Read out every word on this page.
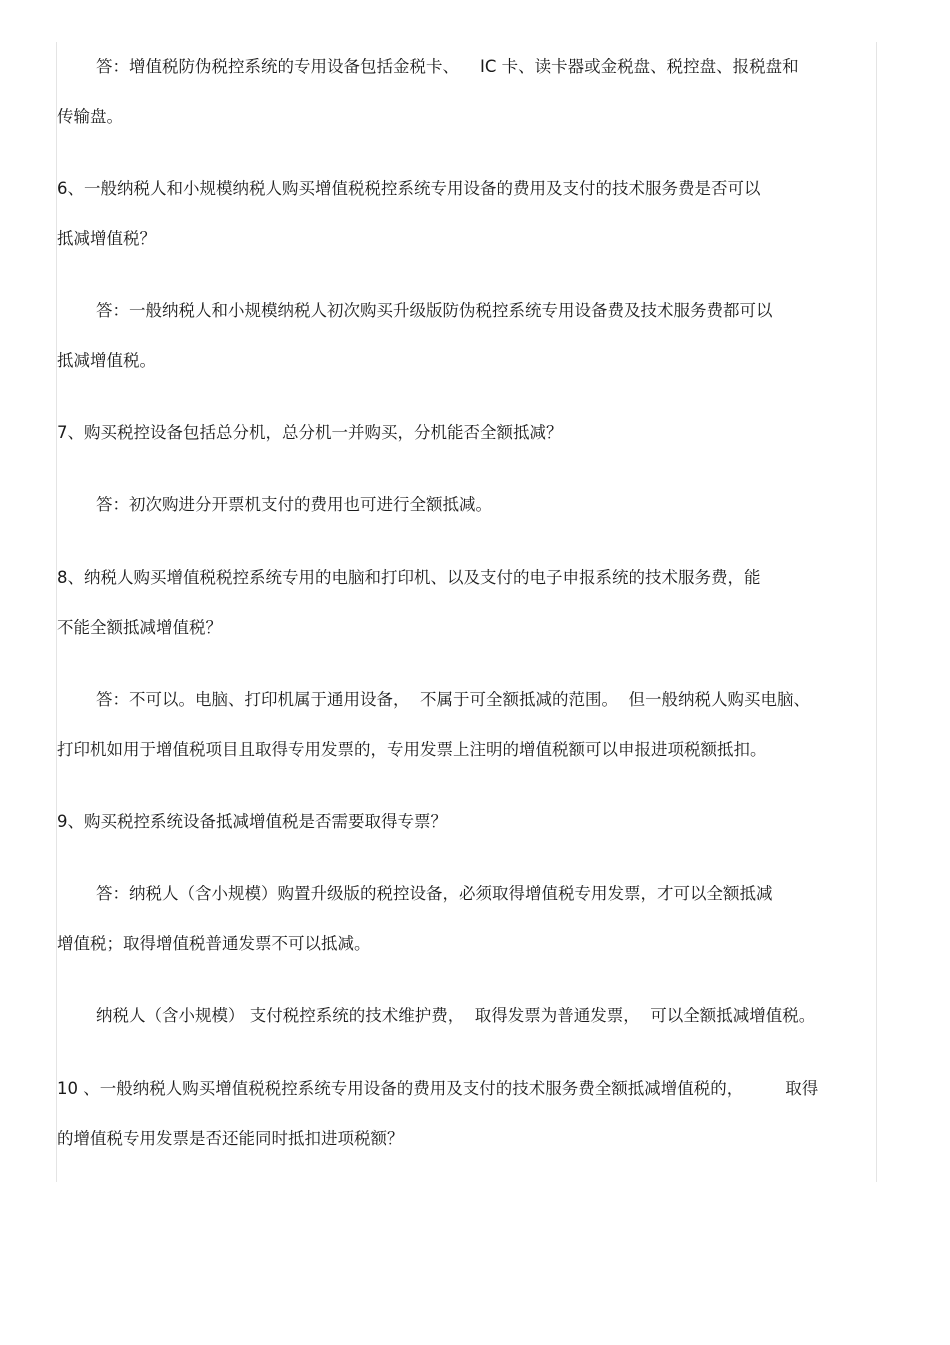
答：增值税防伪税控系统的专用设备包括金税卡、    IC 卡、读卡器或金税盘、税控盘、报税盘和
传输盘。
6、一般纳税人和小规模纳税人购买增值税税控系统专用设备的费用及支付的技术服务费是否可以
抵减增值税？
答：一般纳税人和小规模纳税人初次购买升级版防伪税控系统专用设备费及技术服务费都可以
抵减增值税。
7、购买税控设备包括总分机，总分机一并购买，分机能否全额抵减？
答：初次购进分开票机支付的费用也可进行全额抵减。
8、纳税人购买增值税税控系统专用的电脑和打印机、以及支付的电子申报系统的技术服务费，能
不能全额抵减增值税？
答：不可以。电脑、打印机属于通用设备，  不属于可全额抵减的范围。  但一般纳税人购买电脑、
打印机如用于增值税项目且取得专用发票的，专用发票上注明的增值税额可以申报进项税额抵扣。
9、购买税控系统设备抵减增值税是否需要取得专票？
答：纳税人（含小规模）购置升级版的税控设备，必须取得增值税专用发票，才可以全额抵减
增值税；取得增值税普通发票不可以抵减。
纳税人（含小规模） 支付税控系统的技术维护费，  取得发票为普通发票，  可以全额抵减增值税。
10 、一般纳税人购买增值税税控系统专用设备的费用及支付的技术服务费全额抵减增值税的，        取得
的增值税专用发票是否还能同时抵扣进项税额？
